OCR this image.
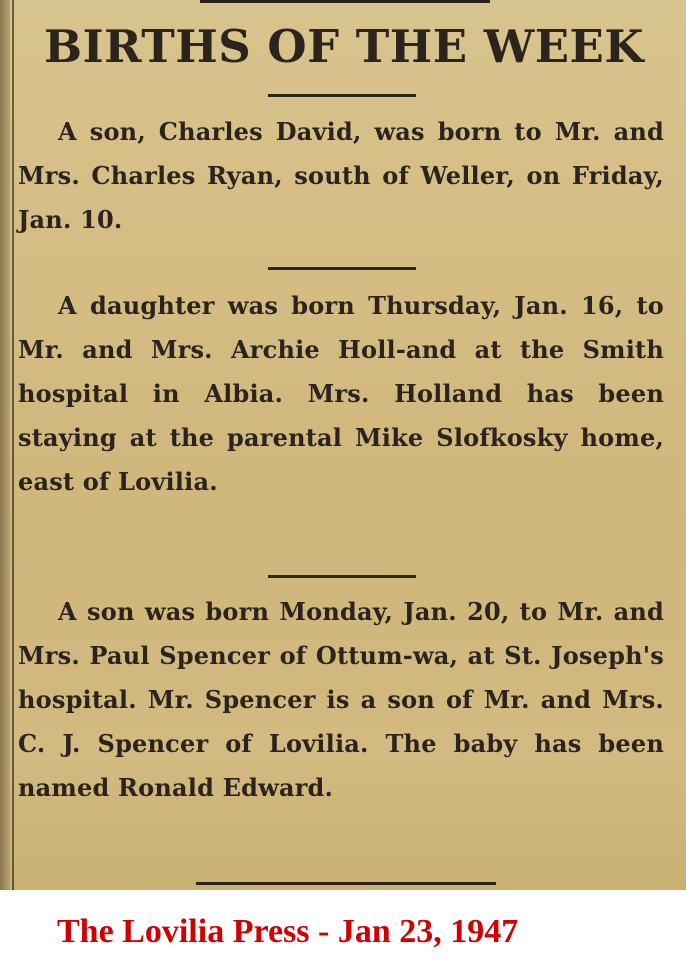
BIRTHS OF THE WEEK

A son, Charles David, was born to Mr. and Mrs. Charles Ryan, south of Weller, on Friday, Jan. 10.

A daughter was born Thursday, Jan. 16, to Mr. and Mrs. Archie Holl-and at the Smith hospital in Albia. Mrs. Holland has been staying at the parental Mike Slofkosky home, east of Lovilia.

A son was born Monday, Jan. 20, to Mr. and Mrs. Paul Spencer of Ottum-wa, at St. Joseph's hospital. Mr. Spencer is a son of Mr. and Mrs. C. J. Spencer of Lovilia. The baby has been named Ronald Edward.

The Lovilia Press - Jan 23, 1947
